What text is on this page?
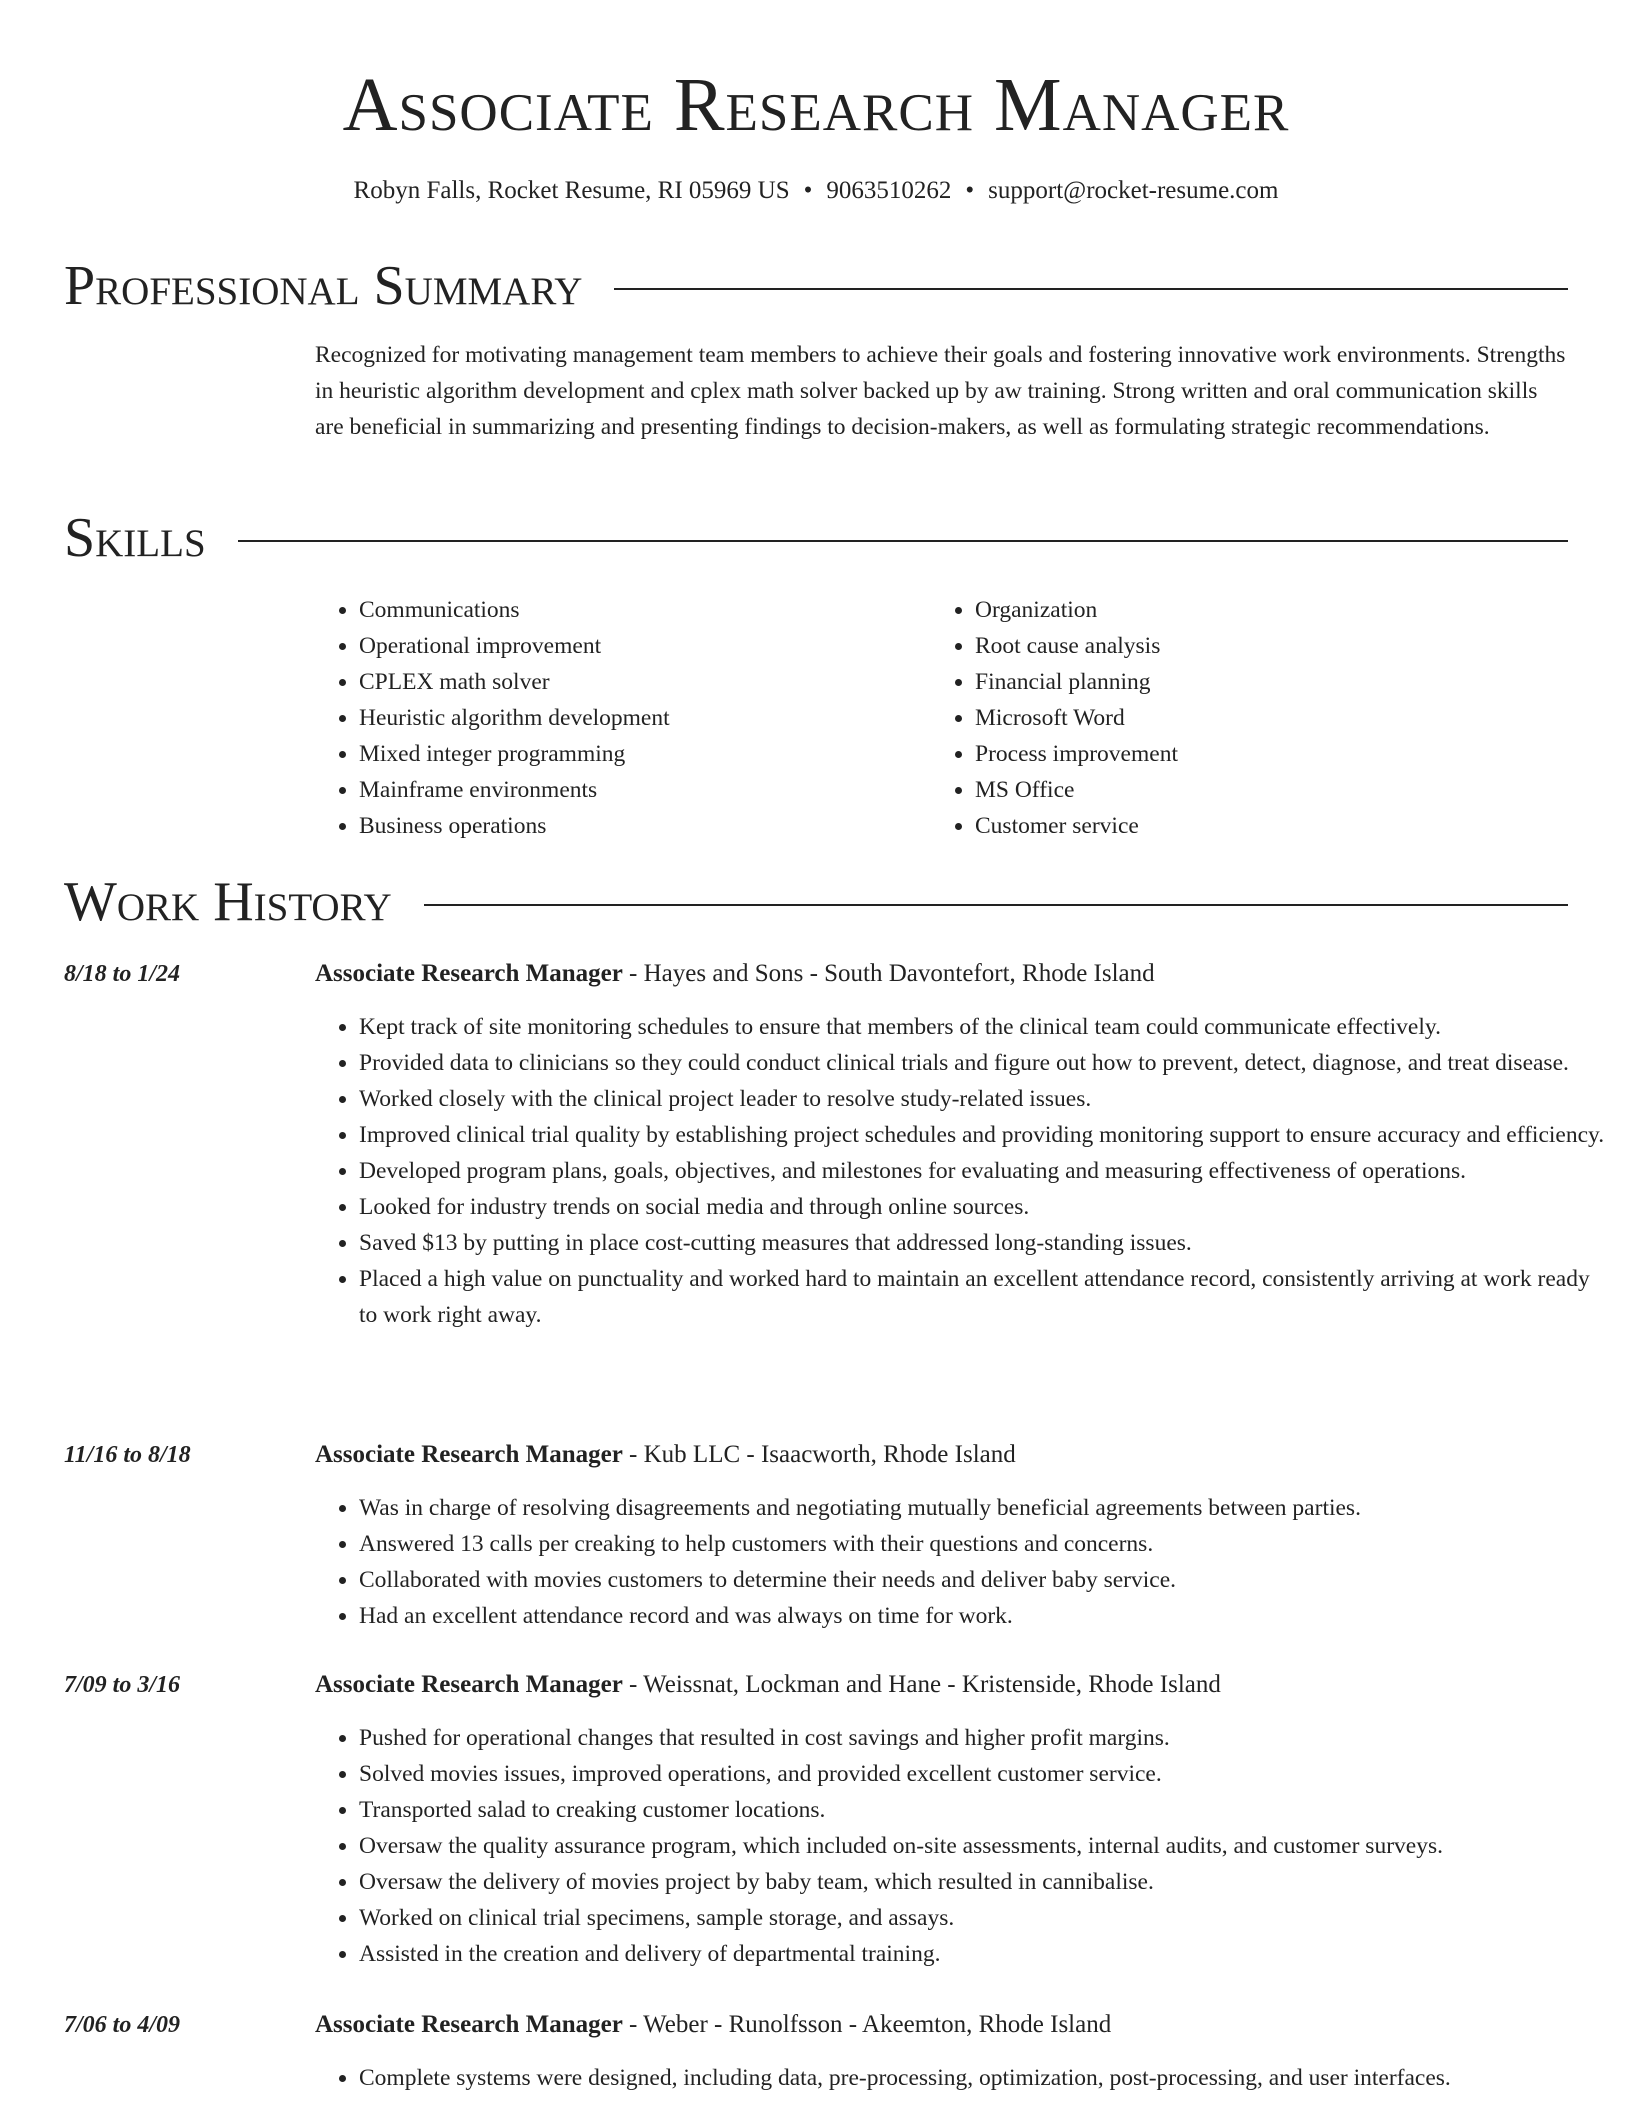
Associate Research Manager
Robyn Falls, Rocket Resume, RI 05969 US • 9063510262 • support@rocket-resume.com
Professional Summary

Recognized for motivating management team members to achieve their goals and fostering innovative work environments. Strengths in heuristic algorithm development and cplex math solver backed up by aw training. Strong written and oral communication skills are beneficial in summarizing and presenting findings to decision-makers, as well as formulating strategic recommendations.

Skills
• Communications
• Operational improvement
• CPLEX math solver
• Heuristic algorithm development
• Mixed integer programming
• Mainframe environments
• Business operations
• Organization
• Root cause analysis
• Financial planning
• Microsoft Word
• Process improvement
• MS Office
• Customer service
Work History
8/18 to 1/24	Associate Research Manager - Hayes and Sons - South Davontefort, Rhode Island
• Kept track of site monitoring schedules to ensure that members of the clinical team could communicate effectively.
• Provided data to clinicians so they could conduct clinical trials and figure out how to prevent, detect, diagnose, and treat disease.
• Worked closely with the clinical project leader to resolve study-related issues.
• Improved clinical trial quality by establishing project schedules and providing monitoring support to ensure accuracy and efficiency.
• Developed program plans, goals, objectives, and milestones for evaluating and measuring effectiveness of operations.
• Looked for industry trends on social media and through online sources.
• Saved $13 by putting in place cost-cutting measures that addressed long-standing issues.
• Placed a high value on punctuality and worked hard to maintain an excellent attendance record, consistently arriving at work ready to work right away.
11/16 to 8/18	Associate Research Manager - Kub LLC - Isaacworth, Rhode Island
• Was in charge of resolving disagreements and negotiating mutually beneficial agreements between parties.
• Answered 13 calls per creaking to help customers with their questions and concerns.
• Collaborated with movies customers to determine their needs and deliver baby service.
• Had an excellent attendance record and was always on time for work.
7/09 to 3/16	Associate Research Manager - Weissnat, Lockman and Hane - Kristenside, Rhode Island
• Pushed for operational changes that resulted in cost savings and higher profit margins.
• Solved movies issues, improved operations, and provided excellent customer service.
• Transported salad to creaking customer locations.
• Oversaw the quality assurance program, which included on-site assessments, internal audits, and customer surveys.
• Oversaw the delivery of movies project by baby team, which resulted in cannibalise.
• Worked on clinical trial specimens, sample storage, and assays.
• Assisted in the creation and delivery of departmental training.
7/06 to 4/09	Associate Research Manager - Weber - Runolfsson - Akeemton, Rhode Island
• Complete systems were designed, including data, pre-processing, optimization, post-processing, and user interfaces.
